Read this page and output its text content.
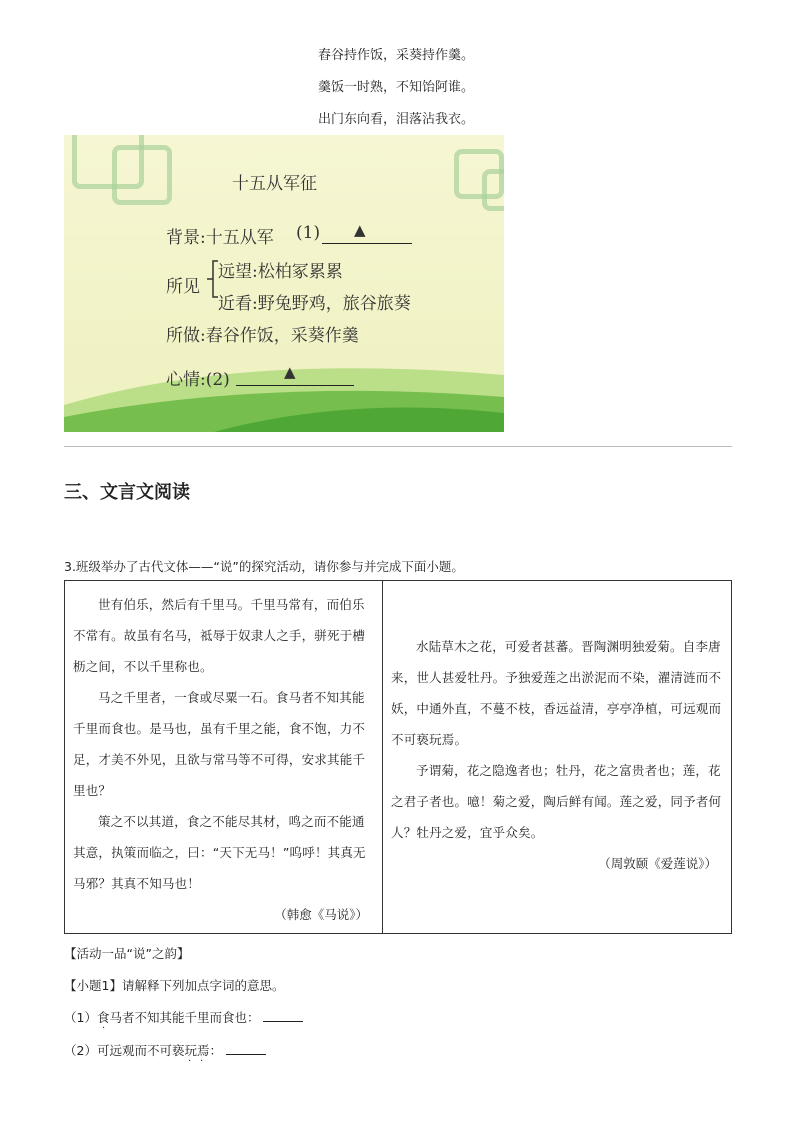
舂谷持作饭，采葵持作羹。
羹饭一时熟，不知饴阿谁。
出门东向看，泪落沾我衣。
十五从军征
背景:十五从军 (1) ▲
所见
远望:松柏冢累累
近看:野兔野鸡，旅谷旅葵
所做:舂谷作饭，采葵作羹
心情:(2)	▲
三、文言文阅读
3.班级举办了古代文体——“说”的探究活动，请你参与并完成下面小题。

世有伯乐，然后有千里马。千里马常有，而伯乐不常有。故虽有名马，祗辱于奴隶人之手，骈死于槽枥之间，不以千里称也。

马之千里者，一食或尽粟一石。食马者不知其能千里而食也。是马也，虽有千里之能，食不饱，力不足，才美不外见，且欲与常马等不可得，安求其能千里也？

策之不以其道，食之不能尽其材，鸣之而不能通其意，执策而临之，曰：“天下无马！”呜呼！其真无马邪？其真不知马也！

（韩愈《马说》）

水陆草木之花，可爱者甚蕃。晋陶渊明独爱菊。自李唐来，世人甚爱牡丹。予独爱莲之出淤泥而不染，濯清涟而不妖，中通外直，不蔓不枝，香远益清，亭亭净植，可远观而不可亵玩焉。

予谓菊，花之隐逸者也；牡丹，花之富贵者也；莲，花之君子者也。噫！菊之爱，陶后鲜有闻。莲之爱，同予者何人？牡丹之爱，宜乎众矣。

（周敦颐《爱莲说》）

【活动一品“说”之韵】
【小题1】请解释下列加点字词的意思。
（1）食马者不知其能千里而食也：
·
（2）可远观而不可亵玩焉：
· ·
